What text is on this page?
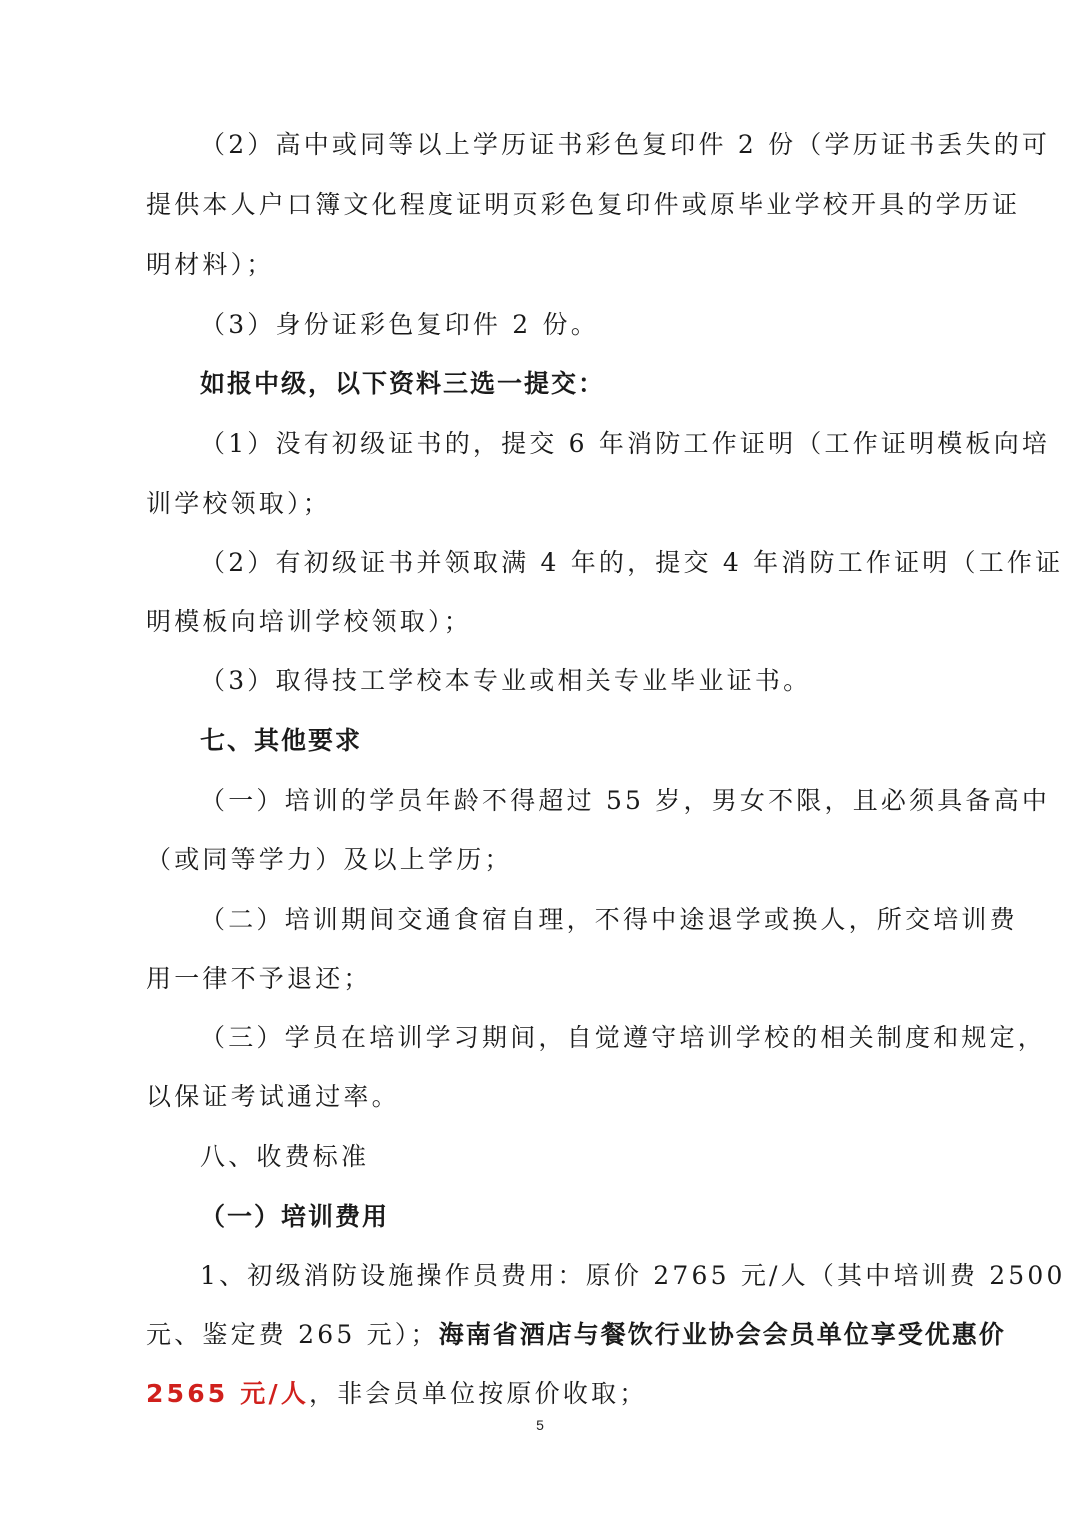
（2）高中或同等以上学历证书彩色复印件 2 份（学历证书丢失的可
提供本人户口簿文化程度证明页彩色复印件或原毕业学校开具的学历证
明材料）；
（3）身份证彩色复印件 2 份。
如报中级，以下资料三选一提交：
（1）没有初级证书的，提交 6 年消防工作证明（工作证明模板向培
训学校领取）；
（2）有初级证书并领取满 4 年的，提交 4 年消防工作证明（工作证
明模板向培训学校领取）；
（3）取得技工学校本专业或相关专业毕业证书。
七、其他要求
（一）培训的学员年龄不得超过 55 岁，男女不限，且必须具备高中
（或同等学力）及以上学历；
（二）培训期间交通食宿自理，不得中途退学或换人，所交培训费
用一律不予退还；
（三）学员在培训学习期间，自觉遵守培训学校的相关制度和规定，
以保证考试通过率。
八、收费标准
（一）培训费用
1、初级消防设施操作员费用：原价 2765 元/人（其中培训费 2500
元、鉴定费 265 元）；海南省酒店与餐饮行业协会会员单位享受优惠价
2565 元/人，非会员单位按原价收取；
5
